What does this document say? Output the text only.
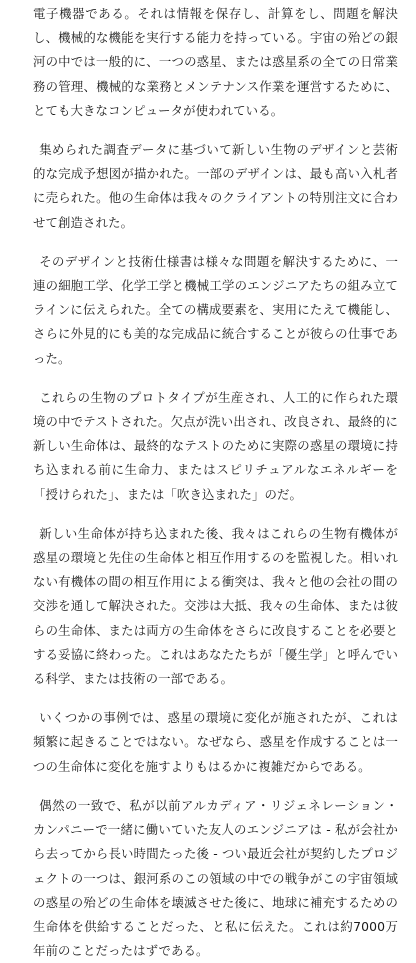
電子機器である。それは情報を保存し、計算をし、問題を解決し、機械的な機能を実行する能力を持っている。宇宙の殆どの銀河の中では一般的に、一つの惑星、または惑星系の全ての日常業務の管理、機械的な業務とメンテナンス作業を運営するために、とても大きなコンピュータが使われている。

集められた調査データに基づいて新しい生物のデザインと芸術的な完成予想図が描かれた。一部のデザインは、最も高い入札者に売られた。他の生命体は我々のクライアントの特別注文に合わせて創造された。

そのデザインと技術仕様書は様々な問題を解決するために、一連の細胞工学、化学工学と機械工学のエンジニアたちの組み立てラインに伝えられた。全ての構成要素を、実用にたえて機能し、さらに外見的にも美的な完成品に統合することが彼らの仕事であった。

これらの生物のプロトタイプが生産され、人工的に作られた環境の中でテストされた。欠点が洗い出され、改良され、最終的に新しい生命体は、最終的なテストのために実際の惑星の環境に持ち込まれる前に生命力、またはスピリチュアルなエネルギーを「授けられた」、または「吹き込まれた」のだ。

新しい生命体が持ち込まれた後、我々はこれらの生物有機体が惑星の環境と先住の生命体と相互作用するのを監視した。相いれない有機体の間の相互作用による衝突は、我々と他の会社の間の交渉を通して解決された。交渉は大抵、我々の生命体、または彼らの生命体、または両方の生命体をさらに改良することを必要とする妥協に終わった。これはあなたたちが「優生学」と呼んでいる科学、または技術の一部である。

いくつかの事例では、惑星の環境に変化が施されたが、これは頻繁に起きることではない。なぜなら、惑星を作成することは一つの生命体に変化を施すよりもはるかに複雑だからである。

偶然の一致で、私が以前アルカディア・リジェネレーション・カンパニーで一緒に働いていた友人のエンジニアは - 私が会社から去ってから長い時間たった後 - つい最近会社が契約したプロジェクトの一つは、銀河系のこの領域の中での戦争がこの宇宙領域の惑星の殆どの生命体を壊滅させた後に、地球に補充するための生命体を供給することだった、と私に伝えた。これは約7000万年前のことだったはずである。
